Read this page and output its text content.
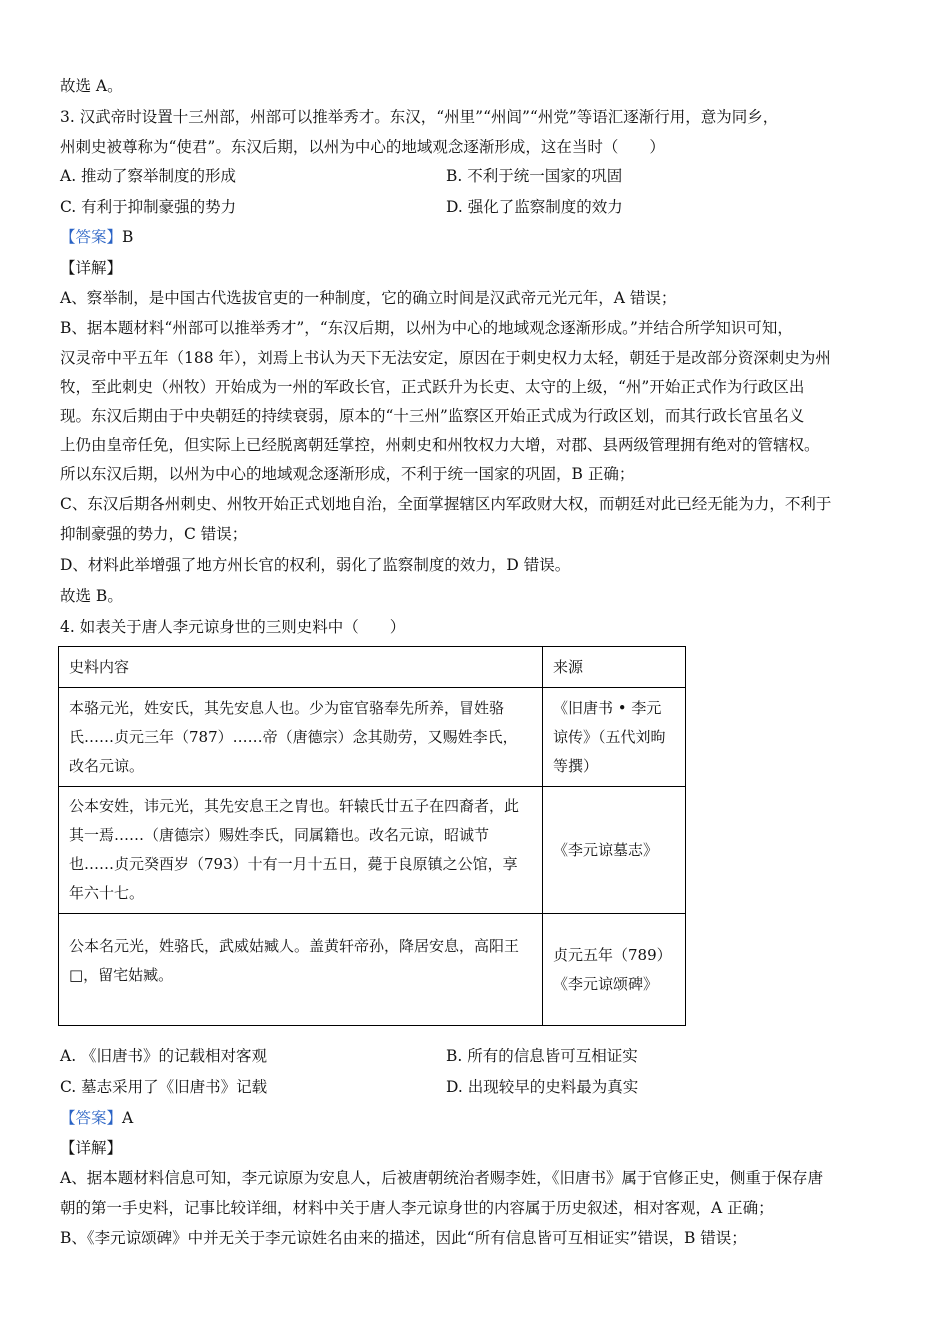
故选 A。
3. 汉武帝时设置十三州部，州部可以推举秀才。东汉，“州里”“州闾”“州党”等语汇逐渐行用，意为同乡，
州刺史被尊称为“使君”。东汉后期，以州为中心的地域观念逐渐形成，这在当时（　　）
A. 推动了察举制度的形成	B. 不利于统一国家的巩固
C. 有利于抑制豪强的势力	D. 强化了监察制度的效力
【答案】B
【详解】
A、察举制，是中国古代选拔官吏的一种制度，它的确立时间是汉武帝元光元年，A 错误；
B、据本题材料“州部可以推举秀才”，“东汉后期，以州为中心的地域观念逐渐形成。”并结合所学知识可知，
汉灵帝中平五年（188 年），刘焉上书认为天下无法安定，原因在于刺史权力太轻，朝廷于是改部分资深刺史为州
牧，至此刺史（州牧）开始成为一州的军政长官，正式跃升为长吏、太守的上级，“州”开始正式作为行政区出
现。东汉后期由于中央朝廷的持续衰弱，原本的“十三州”监察区开始正式成为行政区划，而其行政长官虽名义
上仍由皇帝任免，但实际上已经脱离朝廷掌控，州刺史和州牧权力大增，对郡、县两级管理拥有绝对的管辖权。
所以东汉后期，以州为中心的地域观念逐渐形成，不利于统一国家的巩固，B 正确；
C、东汉后期各州刺史、州牧开始正式划地自治，全面掌握辖区内军政财大权，而朝廷对此已经无能为力，不利于
抑制豪强的势力，C 错误；
D、材料此举增强了地方州长官的权利，弱化了监察制度的效力，D 错误。
故选 B。
4. 如表关于唐人李元谅身世的三则史料中（　　）
史料内容	来源
本骆元光，姓安氏，其先安息人也。少为宦官骆奉先所养，冒姓骆氏……贞元三年（787）……帝（唐德宗）念其勋劳，又赐姓李氏，改名元谅。	《旧唐书 • 李元谅传》（五代刘昫等撰）
公本安姓，讳元光，其先安息王之胄也。轩辕氏廿五子在四裔者，此其一焉……（唐德宗）赐姓李氏，同属籍也。改名元谅，昭诚节也……贞元癸酉岁（793）十有一月十五日，薨于良原镇之公馆，享年六十七。	《李元谅墓志》
公本名元光，姓骆氏，武威姑臧人。盖黄轩帝孙，降居安息，高阳王□，留宅姑臧。	贞元五年（789）《李元谅颂碑》
A. 《旧唐书》的记载相对客观	B. 所有的信息皆可互相证实
C. 墓志采用了《旧唐书》记载	D. 出现较早的史料最为真实
【答案】A
【详解】
A、据本题材料信息可知，李元谅原为安息人，后被唐朝统治者赐李姓，《旧唐书》属于官修正史，侧重于保存唐
朝的第一手史料，记事比较详细，材料中关于唐人李元谅身世的内容属于历史叙述，相对客观，A 正确；
B、《李元谅颂碑》中并无关于李元谅姓名由来的描述，因此“所有信息皆可互相证实”错误，B 错误；
